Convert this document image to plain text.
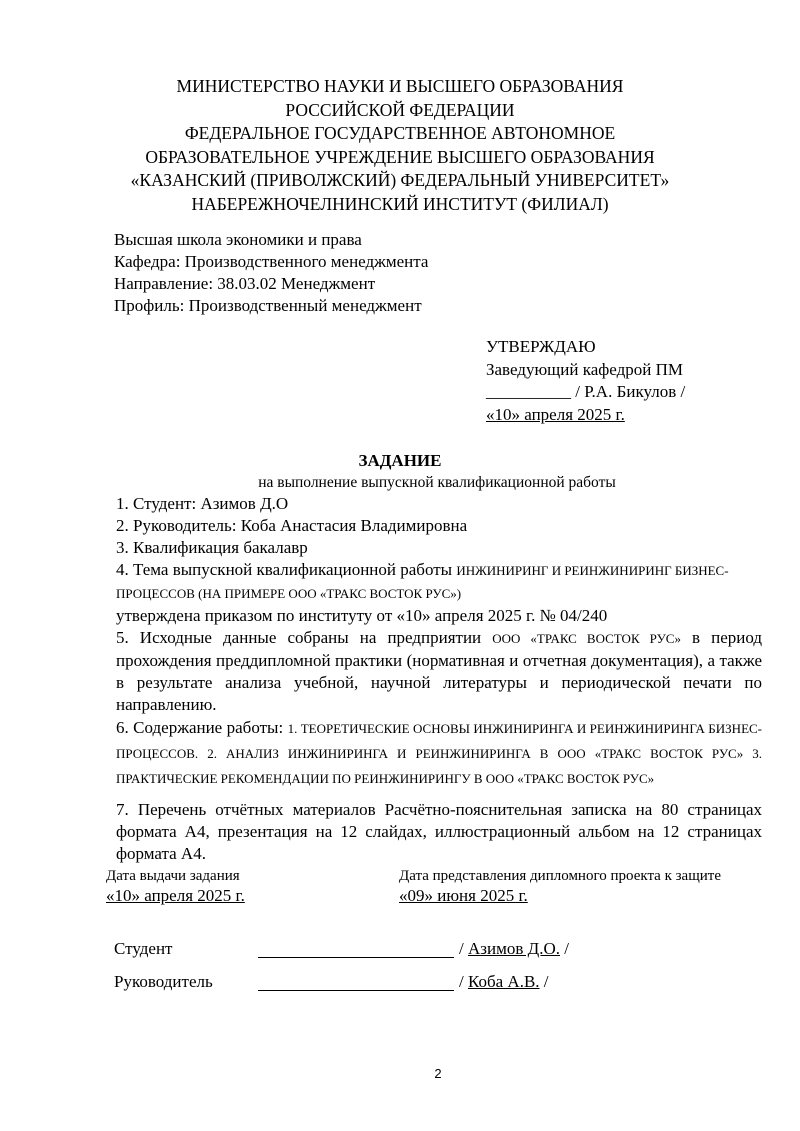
МИНИСТЕРСТВО НАУКИ И ВЫСШЕГО ОБРАЗОВАНИЯ
РОССИЙСКОЙ ФЕДЕРАЦИИ
ФЕДЕРАЛЬНОЕ ГОСУДАРСТВЕННОЕ АВТОНОМНОЕ
ОБРАЗОВАТЕЛЬНОЕ УЧРЕЖДЕНИЕ ВЫСШЕГО ОБРАЗОВАНИЯ
«КАЗАНСКИЙ (ПРИВОЛЖСКИЙ) ФЕДЕРАЛЬНЫЙ УНИВЕРСИТЕТ»
НАБЕРЕЖНОЧЕЛНИНСКИЙ ИНСТИТУТ (ФИЛИАЛ)
Высшая школа экономики и права
Кафедра: Производственного менеджмента
Направление: 38.03.02 Менеджмент
Профиль: Производственный менеджмент
УТВЕРЖДАЮ
Заведующий кафедрой ПМ
__________ / Р.А. Бикулов /
«10» апреля 2025 г.
ЗАДАНИЕ
на выполнение выпускной квалификационной работы
1. Студент: Азимов Д.О
2. Руководитель: Коба Анастасия Владимировна
3. Квалификация бакалавр
4. Тема выпускной квалификационной работы ИНЖИНИРИНГ И РЕИНЖИНИРИНГ БИЗНЕС-ПРОЦЕССОВ (НА ПРИМЕРЕ ООО «ТРАКС ВОСТОК РУС»)
утверждена приказом по институту от «10» апреля 2025 г. № 04/240
5. Исходные данные собраны на предприятии ООО «ТРАКС ВОСТОК РУС» в период прохождения преддипломной практики (нормативная и отчетная документация), а также в результате анализа учебной, научной литературы и периодической печати по направлению.
6. Содержание работы: 1. ТЕОРЕТИЧЕСКИЕ ОСНОВЫ ИНЖИНИРИНГА И РЕИНЖИНИРИНГА БИЗНЕС-ПРОЦЕССОВ. 2. АНАЛИЗ ИНЖИНИРИНГА И РЕИНЖИНИРИНГА В ООО «ТРАКС ВОСТОК РУС» 3. ПРАКТИЧЕСКИЕ РЕКОМЕНДАЦИИ ПО РЕИНЖИНИРИНГУ В ООО «ТРАКС ВОСТОК РУС»
7. Перечень отчётных материалов Расчётно-пояснительная записка на 80 страницах формата А4, презентация на 12 слайдах, иллюстрационный альбом на 12 страницах формата А4.
Дата выдачи задания
«10» апреля 2025 г.
Дата представления дипломного проекта к защите
«09» июня 2025 г.
Студент	/ Азимов Д.О. /
Руководитель	/ Коба А.В. /
2
